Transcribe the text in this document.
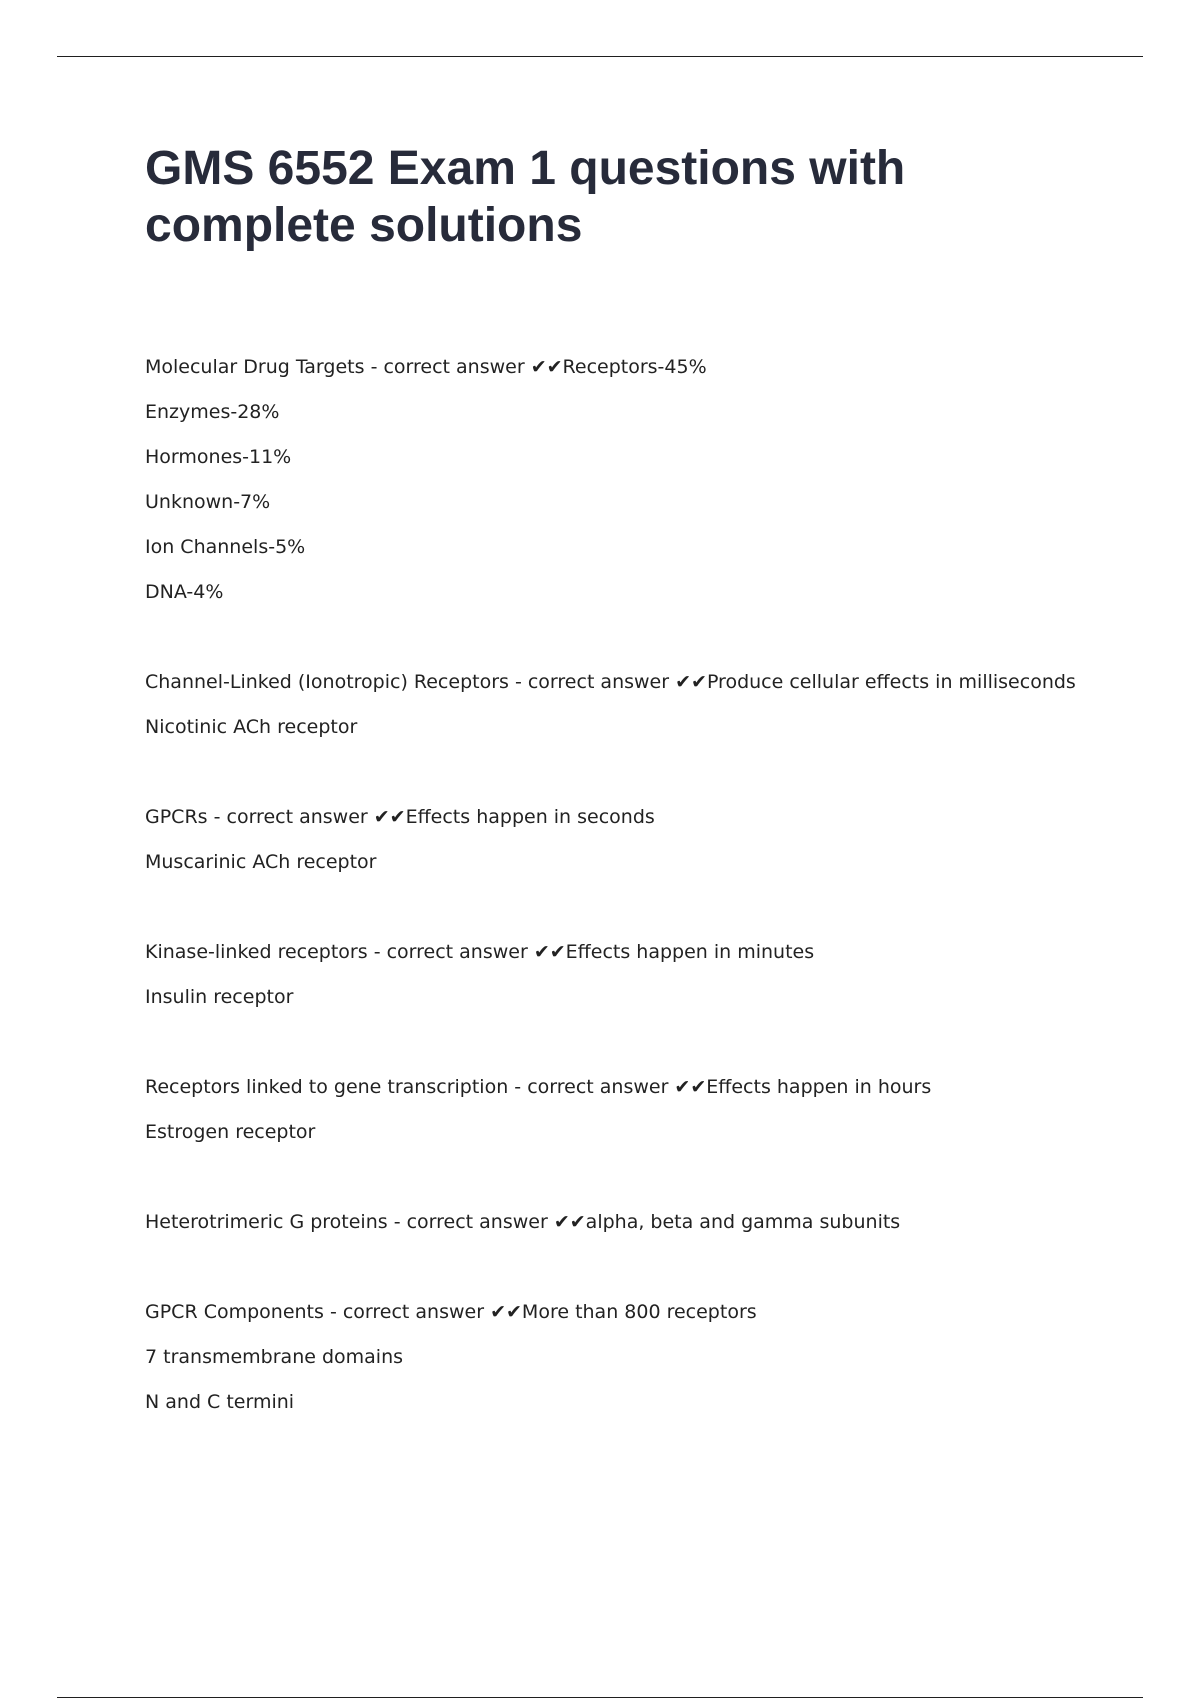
GMS 6552 Exam 1 questions with
complete solutions
Molecular Drug Targets - correct answer ✔✔Receptors-45%
Enzymes-28%
Hormones-11%
Unknown-7%
Ion Channels-5%
DNA-4%
Channel-Linked (Ionotropic) Receptors - correct answer ✔✔Produce cellular effects in milliseconds
Nicotinic ACh receptor
GPCRs - correct answer ✔✔Effects happen in seconds
Muscarinic ACh receptor
Kinase-linked receptors - correct answer ✔✔Effects happen in minutes
Insulin receptor
Receptors linked to gene transcription - correct answer ✔✔Effects happen in hours
Estrogen receptor
Heterotrimeric G proteins - correct answer ✔✔alpha, beta and gamma subunits
GPCR Components - correct answer ✔✔More than 800 receptors
7 transmembrane domains
N and C termini
